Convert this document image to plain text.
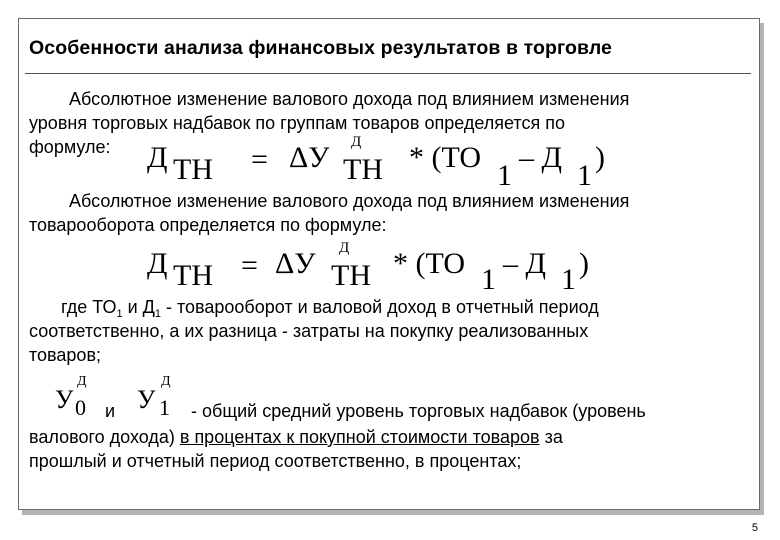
Особенности анализа финансовых результатов в торговле
Абсолютное изменение валового дохода под влиянием изменения
уровня торговых надбавок по группам товаров определяется по
формуле: Д ТН = ΔУ Д
ТН * (ТО
1
– Д
1
)
Абсолютное изменение валового дохода под влиянием изменения
товарооборота определяется по формуле:
Д ТН = ΔУ Д
ТН * (ТО 1 – Д 1 )
где $ТО_1$ и $Д_1$ - товарооборот и валовой доход в отчетный период
соответственно, а их разница - затраты на покупку реализованных
товаров;
У
Д
0 У
Д
1
и	- общий средний уровень торговых надбавок (уровень
валового дохода) в процентах к покупной стоимости товаров за
прошлый и отчетный период соответственно, в процентах;
5
